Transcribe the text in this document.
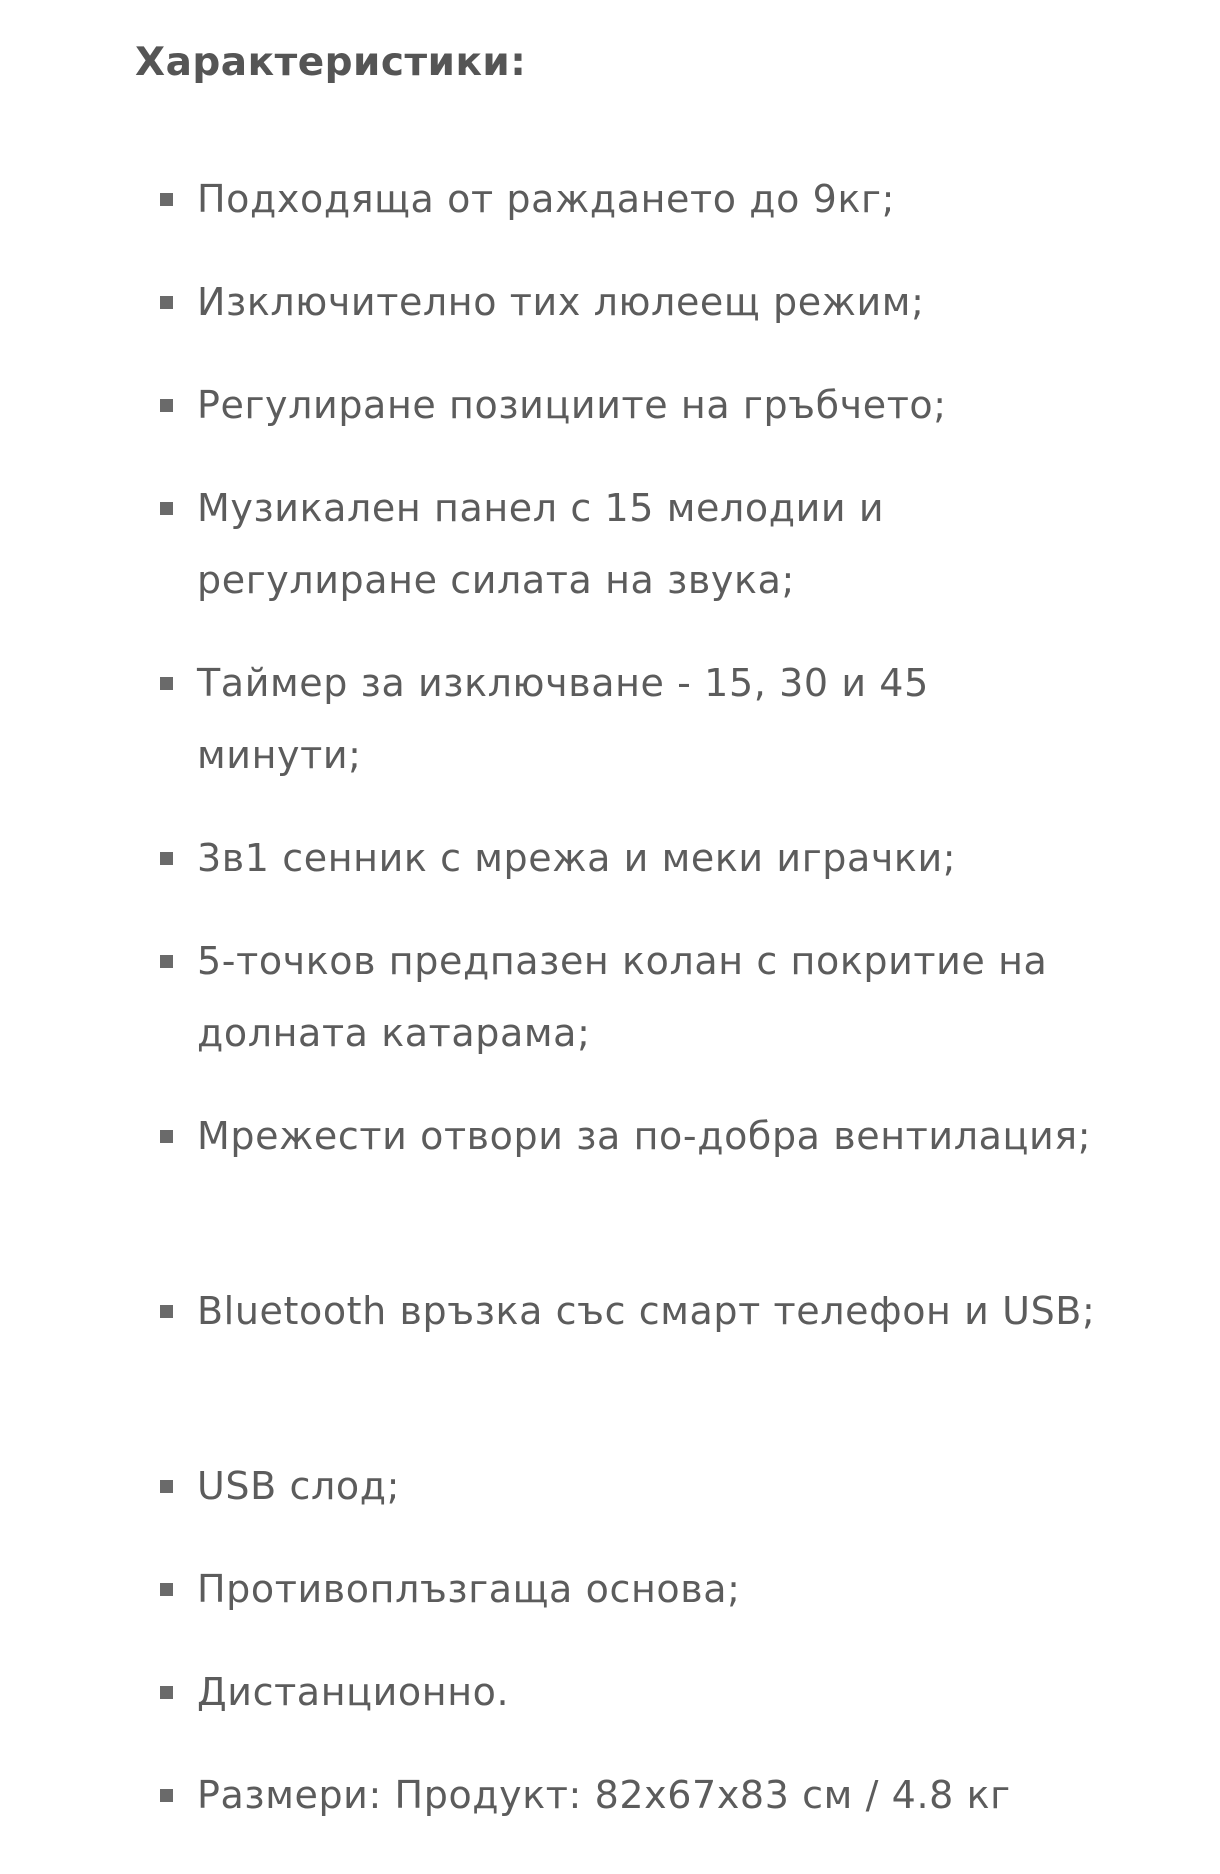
Характеристики:
Подходяща от раждането до 9кг;
Изключително тих люлеещ режим;
Регулиране позициите на гръбчето;
Музикален панел с 15 мелодии и регулиране силата на звука;
Таймер за изключване - 15, 30 и 45 минути;
3в1 сенник с мрежа и меки играчки;
5-точков предпазен колан с покритие на долната катарама;
Мрежести отвори за по-добра вентилация;
Bluetooth връзка със смарт телефон и USB;
USB слод;
Противоплъзгаща основа;
Дистанционно.
Размери: Продукт: 82x67x83 см / 4.8 кг
